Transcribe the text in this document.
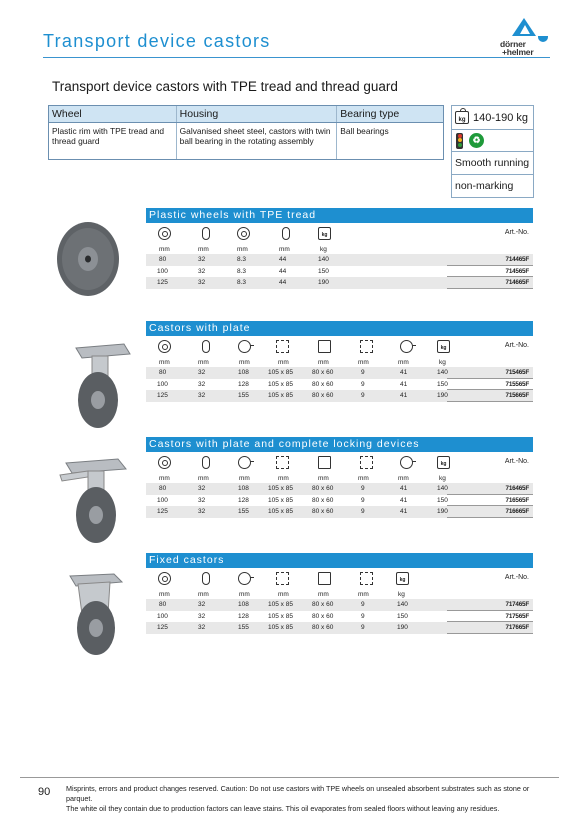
Transport device castors	dörner
+helmer
Transport device castors with TPE tread and thread guard
Wheel	Housing	Bearing type
Plastic rim with TPE tread and thread guard	Galvanised sheet steel, castors with twin ball bearing in the rotating assembly	Ball bearings
kg 140-190 kg
♻
Smooth running
non-marking
Plastic wheels with TPE tread
kg	Art.-No.
mm	mm	mm	mm	kg
80	32	8.3	44	140	714465F
100	32	8.3	44	150	714565F
125	32	8.3	44	190	714665F
Castors with plate
kg	Art.-No.
mm	mm	mm	mm	mm	mm	mm	kg
80	32	108	105 x 85	80 x 60	9	41	140	715465F
100	32	128	105 x 85	80 x 60	9	41	150	715565F
125	32	155	105 x 85	80 x 60	9	41	190	715665F
Castors with plate and complete locking devices
kg	Art.-No.
mm	mm	mm	mm	mm	mm	mm	kg
80	32	108	105 x 85	80 x 60	9	41	140	716465F
100	32	128	105 x 85	80 x 60	9	41	150	716565F
125	32	155	105 x 85	80 x 60	9	41	190	716665F
Fixed castors
kg	Art.-No.
mm	mm	mm	mm	mm	mm	kg
80	32	108	105 x 85	80 x 60	9	140	717465F
100	32	128	105 x 85	80 x 60	9	150	717565F
125	32	155	105 x 85	80 x 60	9	190	717665F
90 Misprints, errors and product changes reserved. Caution: Do not use castors with TPE wheels on unsealed absorbent substrates such as stone or parquet.
The white oil they contain due to production factors can leave stains. This oil evaporates from sealed floors without leaving any residues.
